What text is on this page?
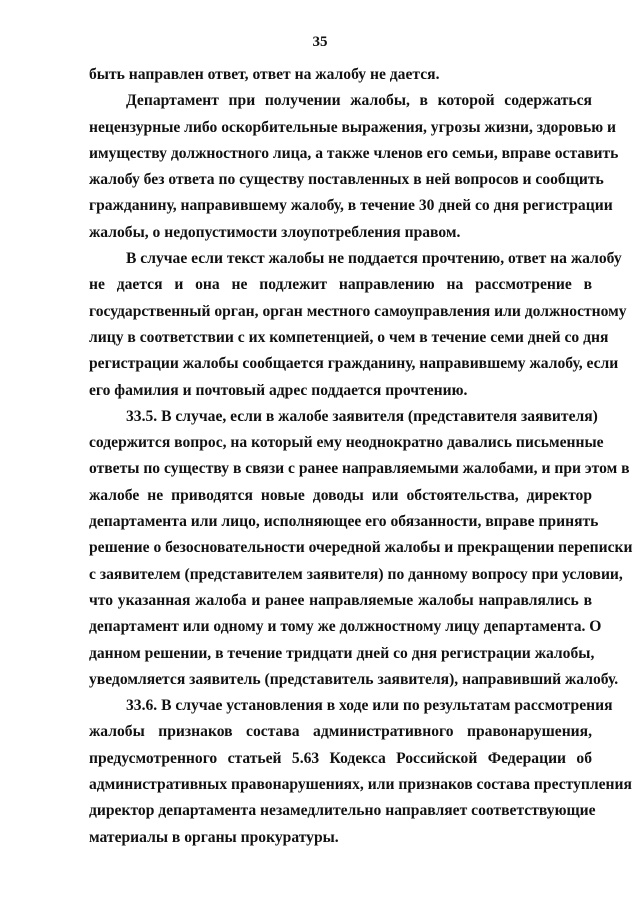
35
быть направлен ответ, ответ на жалобу не дается.
Департамент при получении жалобы, в которой содержаться
нецензурные либо оскорбительные выражения, угрозы жизни, здоровью и
имуществу должностного лица, а также членов его семьи, вправе оставить
жалобу без ответа по существу поставленных в ней вопросов и сообщить
гражданину, направившему жалобу, в течение 30 дней со дня регистрации
жалобы, о недопустимости злоупотребления правом.
В случае если текст жалобы не поддается прочтению, ответ на жалобу
не дается и она не подлежит направлению на рассмотрение в
государственный орган, орган местного самоуправления или должностному
лицу в соответствии с их компетенцией, о чем в течение семи дней со дня
регистрации жалобы сообщается гражданину, направившему жалобу, если
его фамилия и почтовый адрес поддается прочтению.
33.5. В случае, если в жалобе заявителя (представителя заявителя)
содержится вопрос, на который ему неоднократно давались письменные
ответы по существу в связи с ранее направляемыми жалобами, и при этом в
жалобе не приводятся новые доводы или обстоятельства, директор
департамента или лицо, исполняющее его обязанности, вправе принять
решение о безосновательности очередной жалобы и прекращении переписки
с заявителем (представителем заявителя) по данному вопросу при условии,
что указанная жалоба и ранее направляемые жалобы направлялись в
департамент или одному и тому же должностному лицу департамента. О
данном решении, в течение тридцати дней со дня регистрации жалобы,
уведомляется заявитель (представитель заявителя), направивший жалобу.
33.6. В случае установления в ходе или по результатам рассмотрения
жалобы признаков состава административного правонарушения,
предусмотренного статьей 5.63 Кодекса Российской Федерации об
административных правонарушениях, или признаков состава преступления
директор департамента незамедлительно направляет соответствующие
материалы в органы прокуратуры.
